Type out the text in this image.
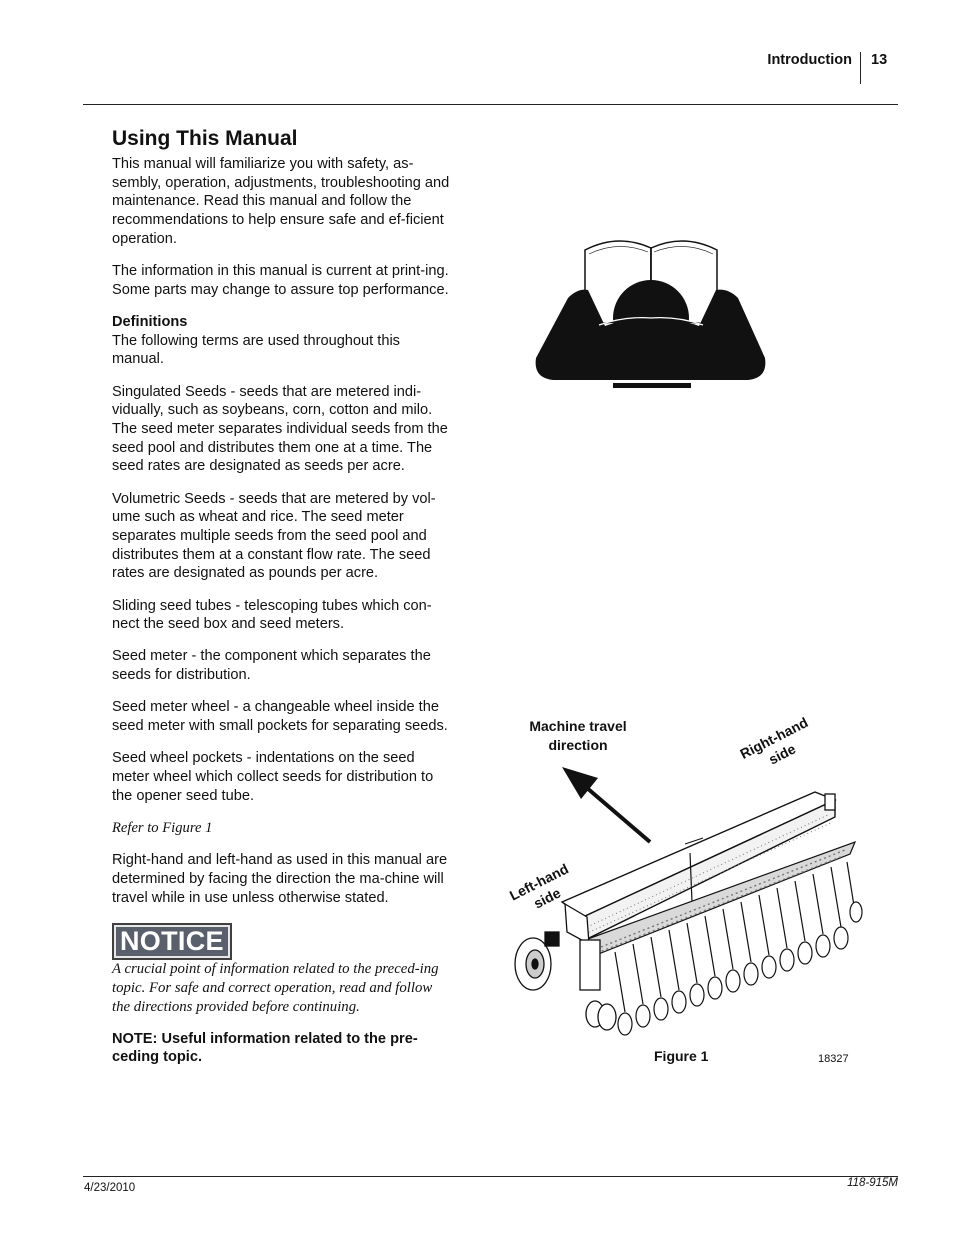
Introduction 13
Using This Manual

This manual will familiarize you with safety, as-sembly, operation, adjustments, troubleshooting and maintenance. Read this manual and follow the recommendations to help ensure safe and ef-ficient operation.

The information in this manual is current at print-ing. Some parts may change to assure top performance.

Definitions
The following terms are used throughout this manual.

Singulated Seeds - seeds that are metered indi-vidually, such as soybeans, corn, cotton and milo. The seed meter separates individual seeds from the seed pool and distributes them one at a time. The seed rates are designated as seeds per acre.

Volumetric Seeds - seeds that are metered by vol-ume such as wheat and rice. The seed meter separates multiple seeds from the seed pool and distributes them at a constant flow rate. The seed rates are designated as pounds per acre.

Sliding seed tubes - telescoping tubes which con-nect the seed box and seed meters.

Seed meter - the component which separates the seeds for distribution.

Seed meter wheel - a changeable wheel inside the seed meter with small pockets for separating seeds.

Seed wheel pockets - indentations on the seed meter wheel which collect seeds for distribution to the opener seed tube.

Refer to Figure 1

Right-hand and left-hand as used in this manual are determined by facing the direction the ma-chine will travel while in use unless otherwise stated.

NOTICE

A crucial point of information related to the preced-ing topic. For safe and correct operation, read and follow the directions provided before continuing.

NOTE: Useful information related to the pre-ceding topic.

Machine travel direction	Right-hand side
Left-hand side
Figure 1	18327
4/23/2010	118-915M
